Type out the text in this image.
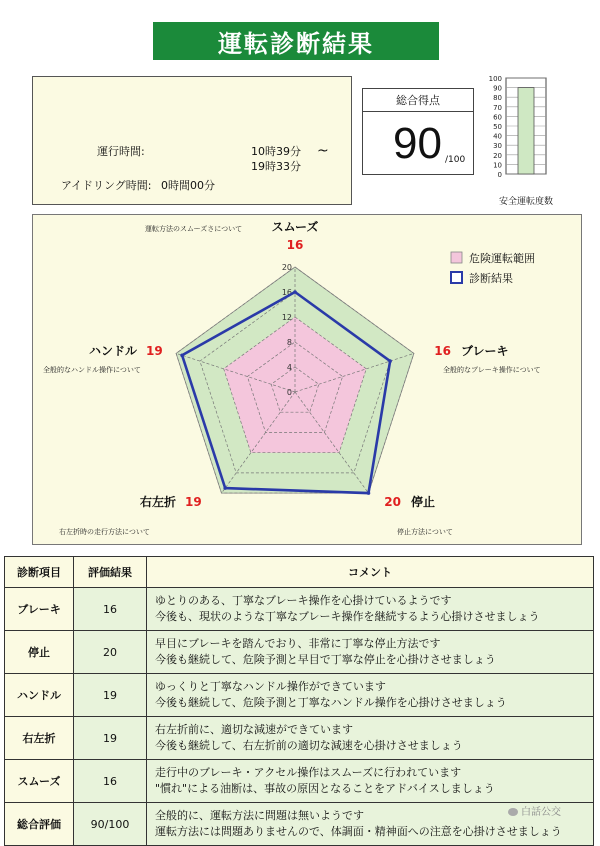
運転診断結果
運行時間:	10時39分 ~
19時33分
アイドリング時間: 0時間00分
総合得点
90 /100
0
10
20
30
40
50
60
70
80
90
100
安全運転度数
0
4
8
12
16
20
スムーズ
16
運転方法のスムーズさについて
ブレーキ
16
全般的なブレーキ操作について
停止
20
停止方法について
右左折 19
右左折時の走行方法について
ハンドル 19
全般的なハンドル操作について
危険運転範囲
診断結果
診断項目	評価結果	コメント
ブレーキ	16	ゆとりのある、丁寧なブレーキ操作を心掛けているようです
今後も、現状のような丁寧なブレーキ操作を継続するよう心掛けさせましょう

停止	20	早目にブレーキを踏んでおり、非常に丁寧な停止方法です
今後も継続して、危険予測と早目で丁寧な停止を心掛けさせましょう

ハンドル	19	ゆっくりと丁寧なハンドル操作ができています
今後も継続して、危険予測と丁寧なハンドル操作を心掛けさせましょう

右左折	19	右左折前に、適切な減速ができています
今後も継続して、右左折前の適切な減速を心掛けさせましょう

スムーズ	16	走行中のブレーキ・アクセル操作はスムーズに行われています
"慣れ"による油断は、事故の原因となることをアドバイスしましょう

総合評価	90/100	全般的に、運転方法に問題は無いようです
運転方法には問題ありませんので、体調面・精神面への注意を心掛けさせましょう
白話公交
